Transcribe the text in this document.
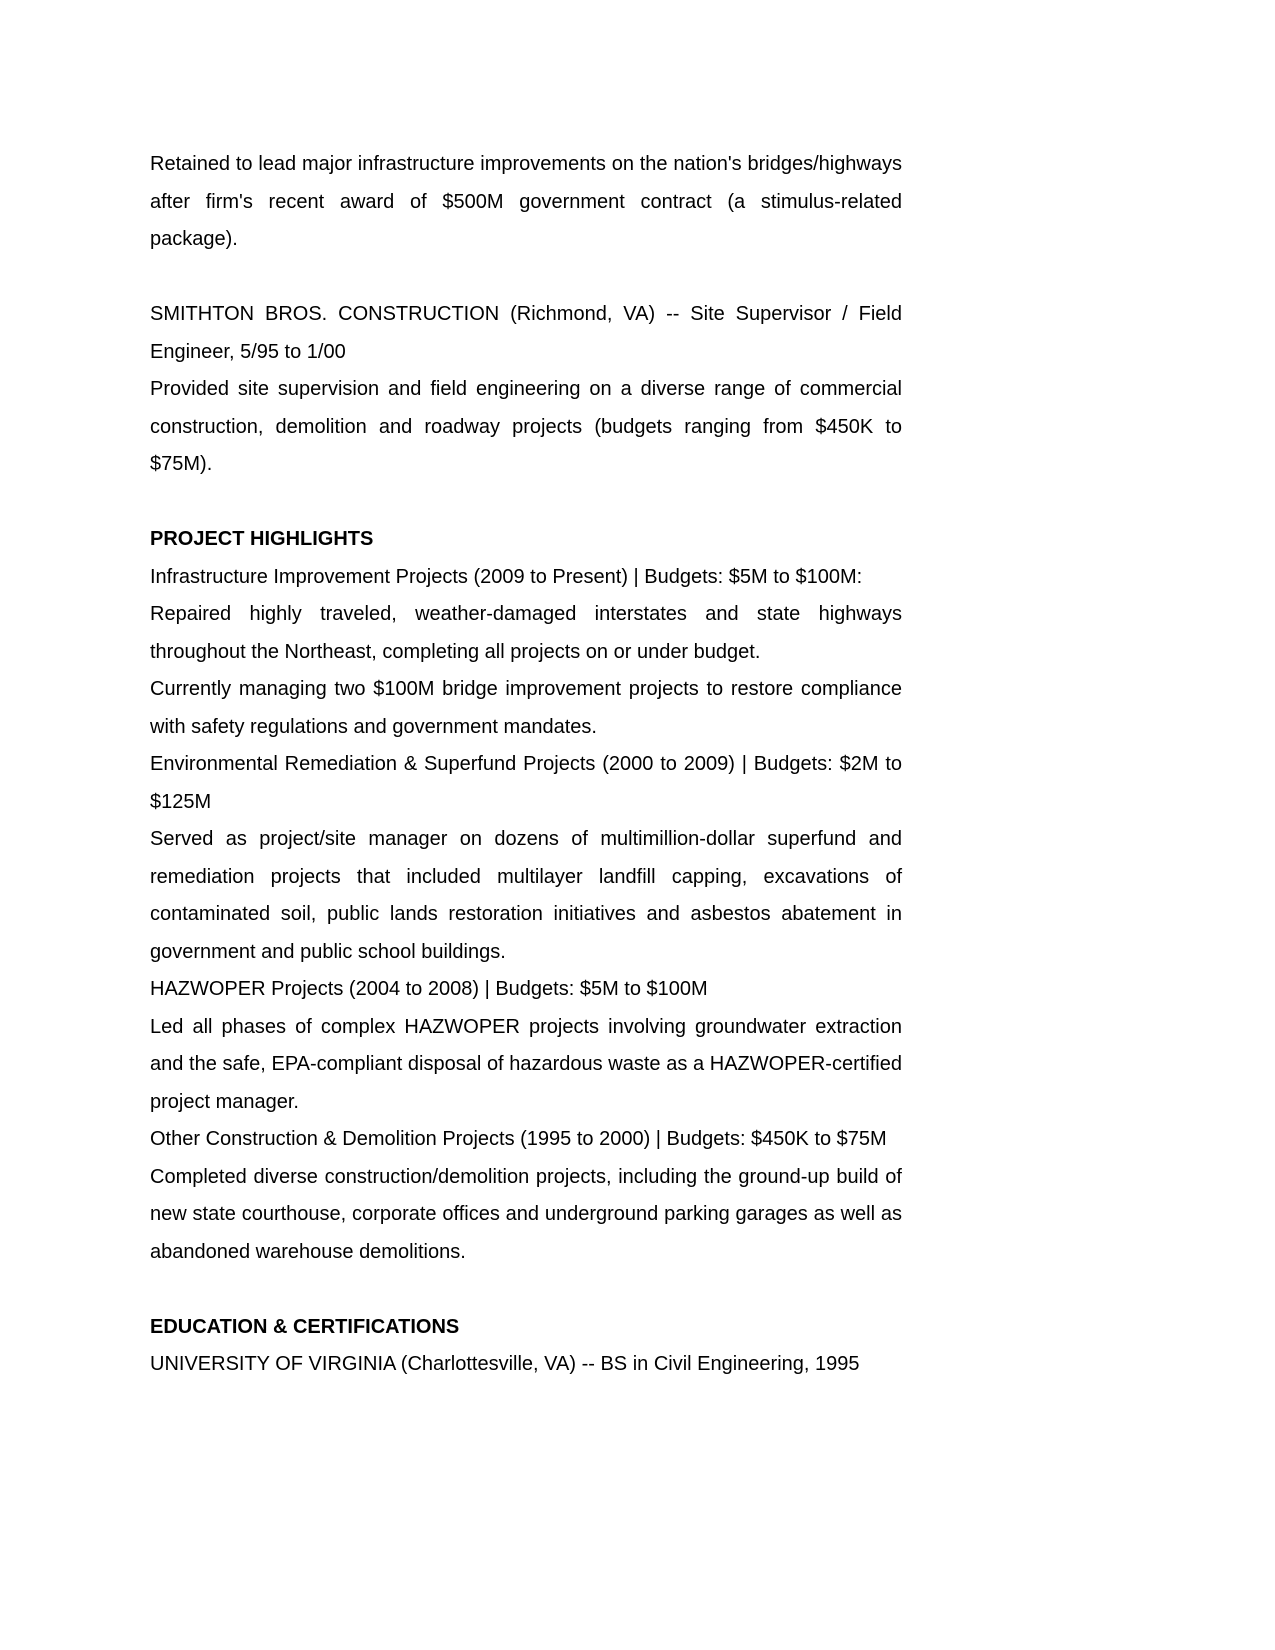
Retained to lead major infrastructure improvements on the nation's bridges/highways after firm's recent award of $500M government contract (a stimulus-related package).

SMITHTON BROS. CONSTRUCTION (Richmond, VA) -- Site Supervisor / Field Engineer, 5/95 to 1/00

Provided site supervision and field engineering on a diverse range of commercial construction, demolition and roadway projects (budgets ranging from $450K to $75M).

PROJECT HIGHLIGHTS

Infrastructure Improvement Projects (2009 to Present) | Budgets: $5M to $100M:

Repaired highly traveled, weather-damaged interstates and state highways throughout the Northeast, completing all projects on or under budget.

Currently managing two $100M bridge improvement projects to restore compliance with safety regulations and government mandates.

Environmental Remediation & Superfund Projects (2000 to 2009) | Budgets: $2M to $125M

Served as project/site manager on dozens of multimillion-dollar superfund and remediation projects that included multilayer landfill capping, excavations of contaminated soil, public lands restoration initiatives and asbestos abatement in government and public school buildings.

HAZWOPER Projects (2004 to 2008) | Budgets: $5M to $100M

Led all phases of complex HAZWOPER projects involving groundwater extraction and the safe, EPA-compliant disposal of hazardous waste as a HAZWOPER-certified project manager.

Other Construction & Demolition Projects (1995 to 2000) | Budgets: $450K to $75M

Completed diverse construction/demolition projects, including the ground-up build of new state courthouse, corporate offices and underground parking garages as well as abandoned warehouse demolitions.

EDUCATION & CERTIFICATIONS

UNIVERSITY OF VIRGINIA (Charlottesville, VA) -- BS in Civil Engineering, 1995
